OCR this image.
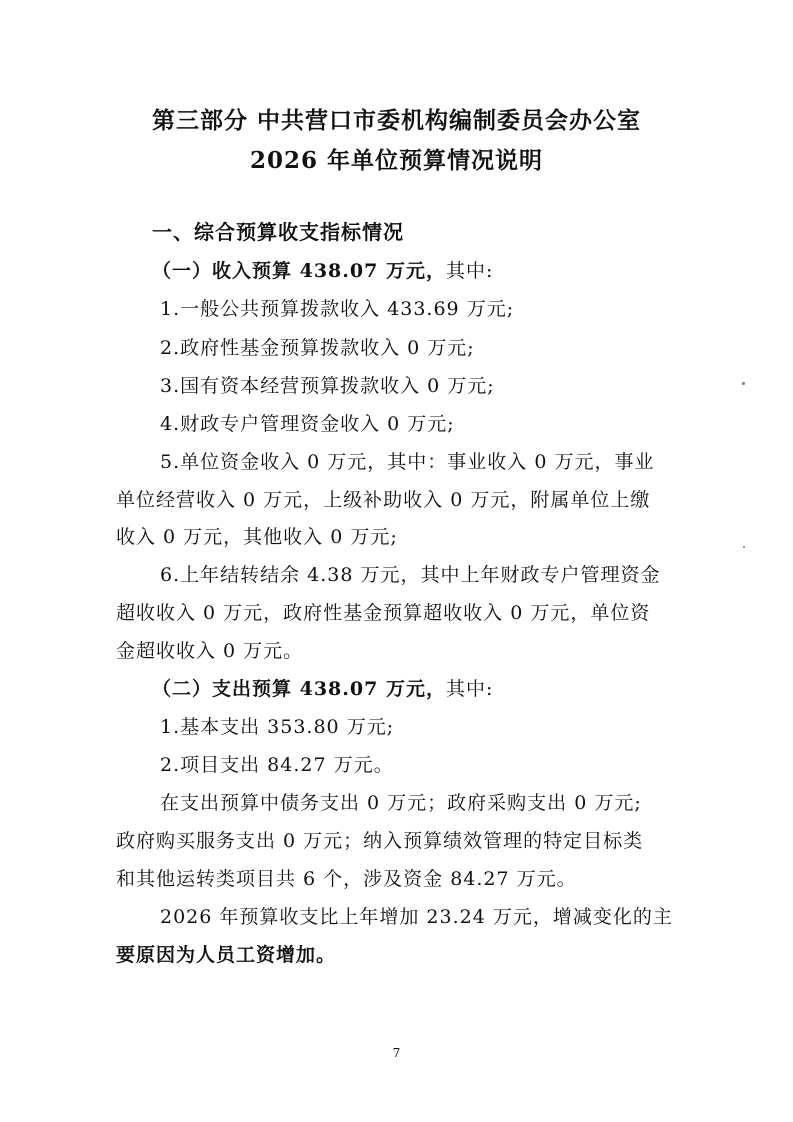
第三部分 中共营口市委机构编制委员会办公室
2026 年单位预算情况说明
一、综合预算收支指标情况
（一）收入预算 438.07 万元，其中:
1.一般公共预算拨款收入 433.69 万元;
2.政府性基金预算拨款收入 0 万元;
3.国有资本经营预算拨款收入 0 万元;
4.财政专户管理资金收入 0 万元;
5.单位资金收入 0 万元，其中：事业收入 0 万元，事业
单位经营收入 0 万元，上级补助收入 0 万元，附属单位上缴
收入 0 万元，其他收入 0 万元;
6.上年结转结余 4.38 万元，其中上年财政专户管理资金
超收收入 0 万元，政府性基金预算超收收入 0 万元，单位资
金超收收入 0 万元。
（二）支出预算 438.07 万元，其中:
1.基本支出 353.80 万元;
2.项目支出 84.27 万元。
在支出预算中债务支出 0 万元；政府采购支出 0 万元;
政府购买服务支出 0 万元；纳入预算绩效管理的特定目标类
和其他运转类项目共 6 个，涉及资金 84.27 万元。
2026 年预算收支比上年增加 23.24 万元，增减变化的主
要原因为人员工资增加。
7
